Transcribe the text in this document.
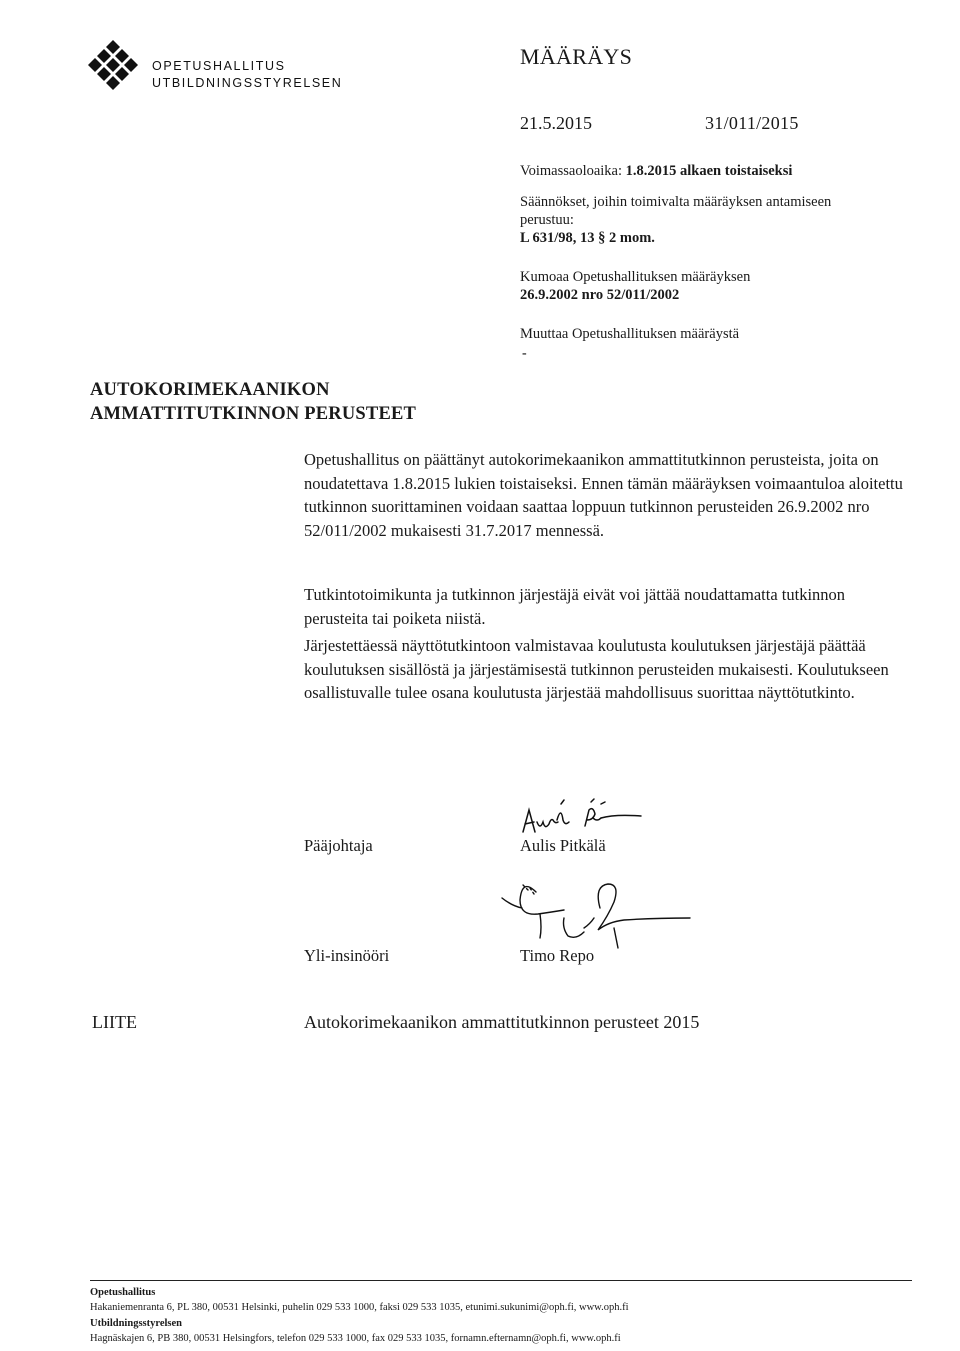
OPETUSHALLITUS
UTBILDNINGSSTYRELSEN
MÄÄRÄYS
21.5.2015	31/011/2015
Voimassaoloaika: 1.8.2015 alkaen toistaiseksi
Säännökset, joihin toimivalta määräyksen antamiseen perustuu:
L 631/98, 13 § 2 mom.
Kumoaa Opetushallituksen määräyksen
26.9.2002 nro 52/011/2002
Muuttaa Opetushallituksen määräystä
-
AUTOKORIMEKAANIKON
AMMATTITUTKINNON PERUSTEET

Opetushallitus on päättänyt autokorimekaanikon ammattitutkinnon perusteista, joita on noudatettava 1.8.2015 lukien toistaiseksi. Ennen tämän määräyksen voimaantuloa aloitettu tutkinnon suorittaminen voidaan saattaa loppuun tutkinnon perusteiden 26.9.2002 nro 52/011/2002 mukaisesti 31.7.2017 mennessä.

Tutkintotoimikunta ja tutkinnon järjestäjä eivät voi jättää noudattamatta tutkinnon perusteita tai poiketa niistä.

Järjestettäessä näyttötutkintoon valmistavaa koulutusta koulutuksen järjestäjä päättää koulutuksen sisällöstä ja järjestämisestä tutkinnon perusteiden mukaisesti. Koulutukseen osallistuvalle tulee osana koulutusta järjestää mahdollisuus suorittaa näyttötutkinto.

Pääjohtaja	Aulis Pitkälä
Yli-insinööri	Timo Repo
LIITE	Autokorimekaanikon ammattitutkinnon perusteet 2015
Opetushallitus
Hakaniemenranta 6, PL 380, 00531 Helsinki, puhelin 029 533 1000, faksi 029 533 1035, etunimi.sukunimi@oph.fi, www.oph.fi
Utbildningsstyrelsen
Hagnäskajen 6, PB 380, 00531 Helsingfors, telefon 029 533 1000, fax 029 533 1035, fornamn.efternamn@oph.fi, www.oph.fi
